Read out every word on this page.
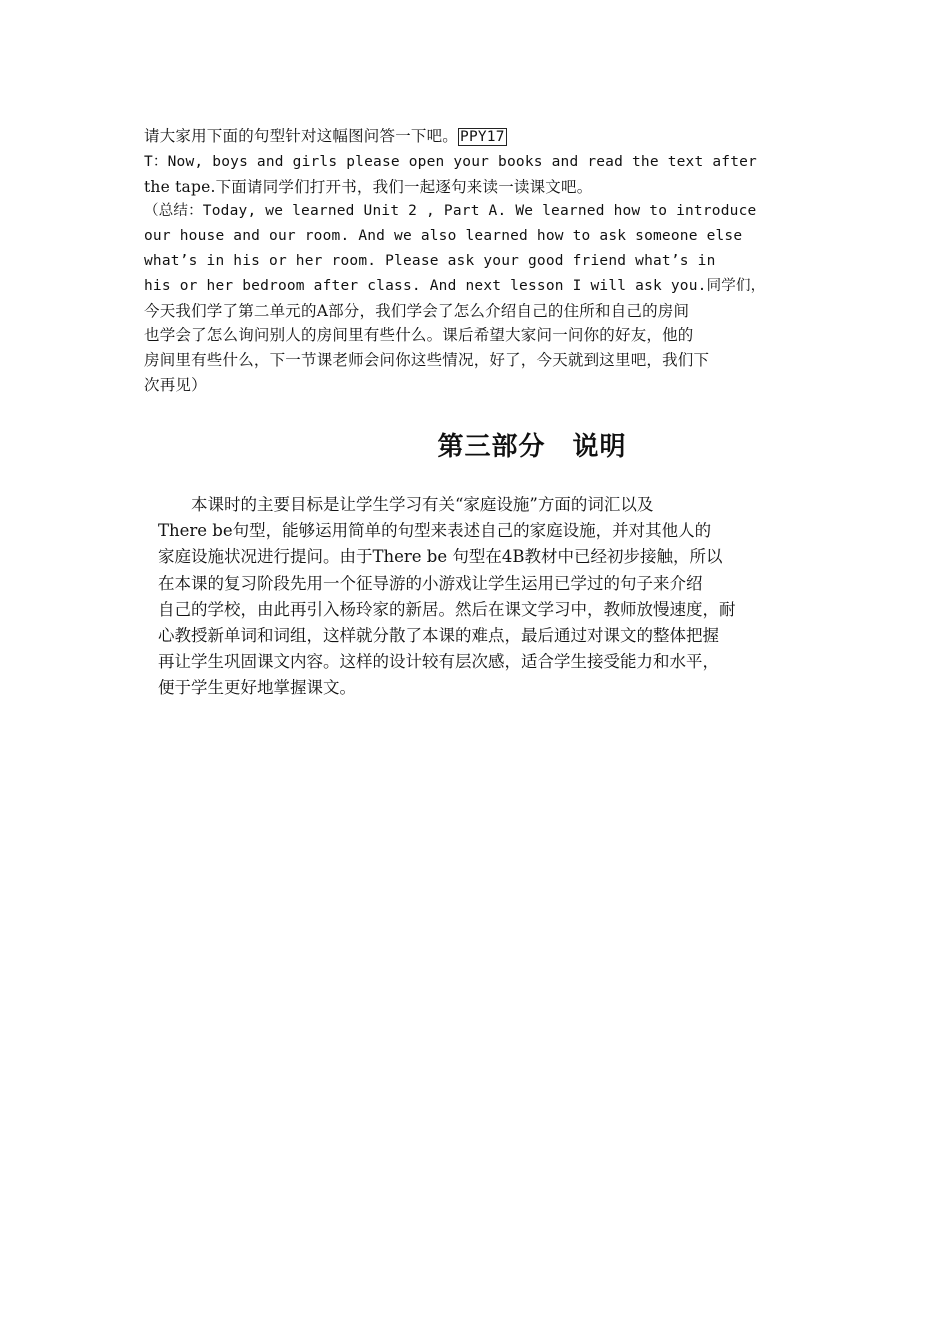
请大家用下面的句型针对这幅图问答一下吧。 PPY17
T：Now, boys and girls please open your books and read the text after
the tape.下面请同学们打开书，我们一起逐句来读一读课文吧。
（总结：Today, we learned Unit 2 , Part A. We learned how to introduce
our house and our room. And we also learned how to ask someone else
what’s in his or her room. Please ask your good friend what’s in
his or her bedroom after class. And next lesson I will ask you.同学们，
今天我们学了第二单元的A部分，我们学会了怎么介绍自己的住所和自己的房间
也学会了怎么询问别人的房间里有些什么。课后希望大家问一问你的好友，他的
房间里有些什么，下一节课老师会问你这些情况，好了，今天就到这里吧，我们下
次再见）
第三部分　说明
　　本课时的主要目标是让学生学习有关“家庭设施”方面的词汇以及
There be句型，能够运用简单的句型来表述自己的家庭设施，并对其他人的
家庭设施状况进行提问。由于There be 句型在4B教材中已经初步接触，所以
在本课的复习阶段先用一个征导游的小游戏让学生运用已学过的句子来介绍
自己的学校，由此再引入杨玲家的新居。然后在课文学习中，教师放慢速度，耐
心教授新单词和词组，这样就分散了本课的难点，最后通过对课文的整体把握
再让学生巩固课文内容。这样的设计较有层次感，适合学生接受能力和水平，
便于学生更好地掌握课文。
